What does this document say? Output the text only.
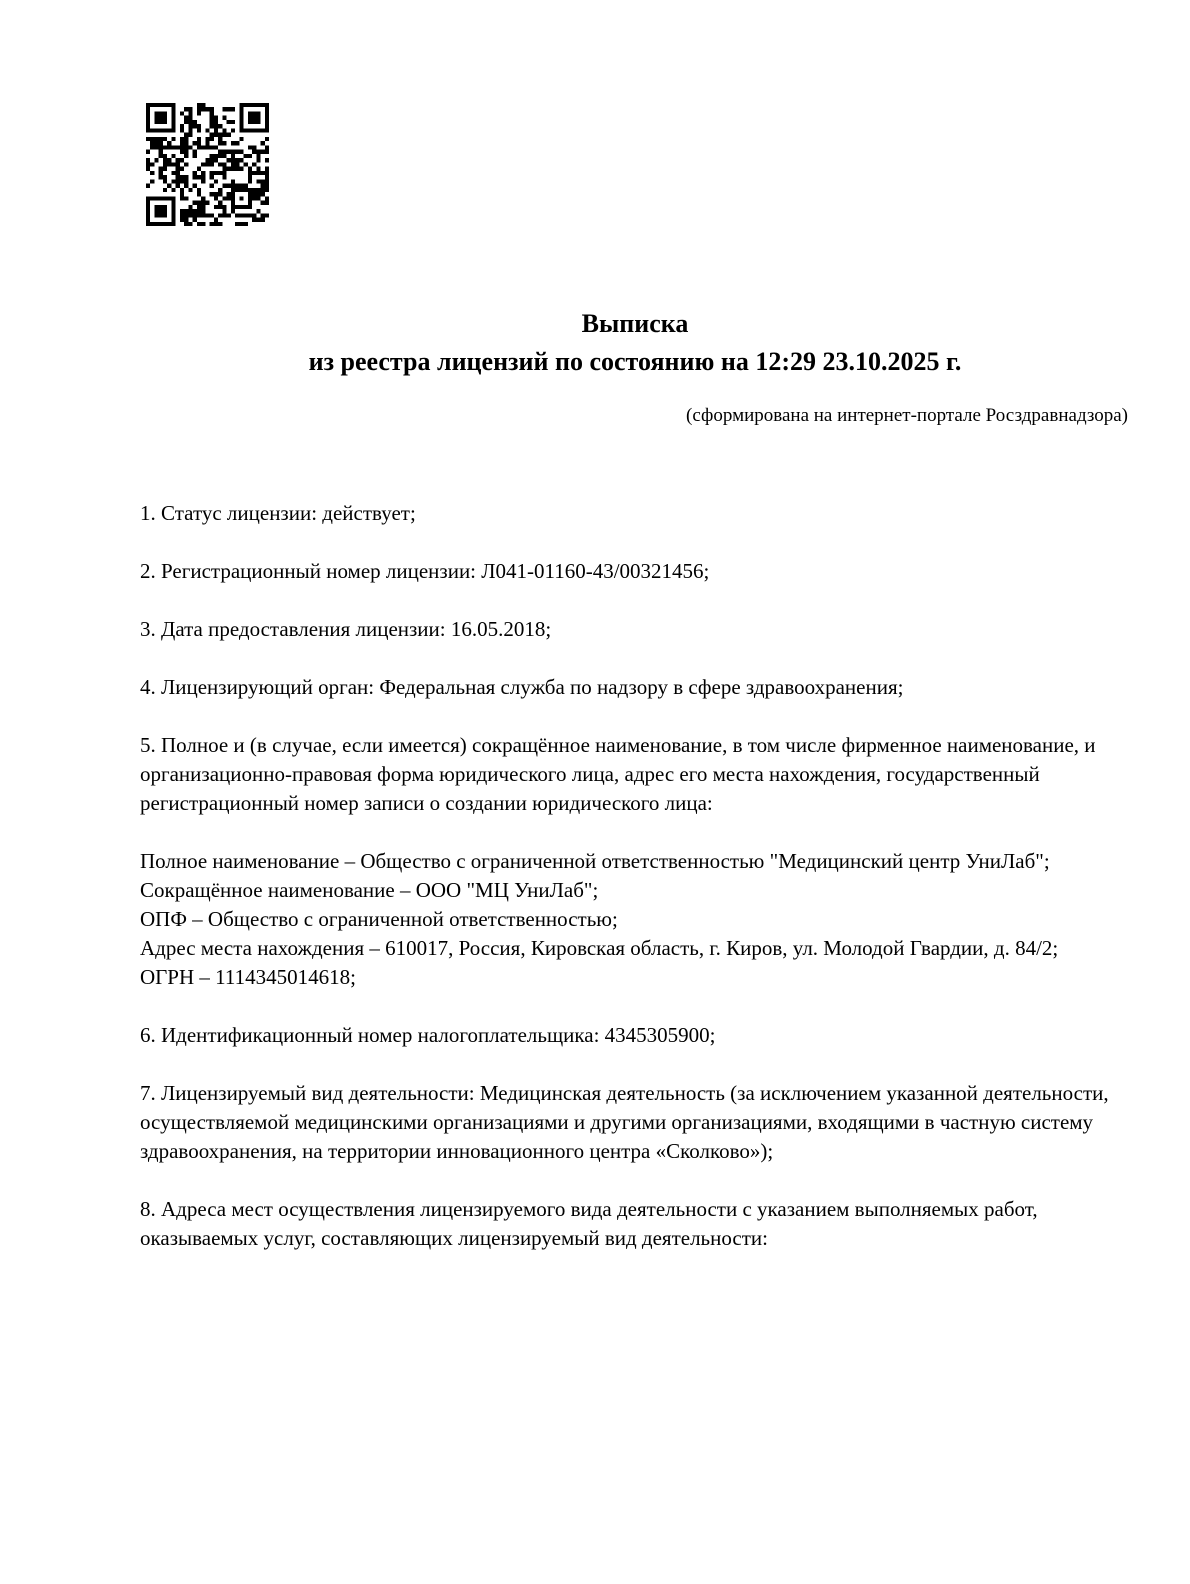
Выписка
из реестра лицензий по состоянию на 12:29 23.10.2025 г.
(сформирована на интернет-портале Росздравнадзора)

1. Статус лицензии: действует;

2. Регистрационный номер лицензии: Л041-01160-43/00321456;

3. Дата предоставления лицензии: 16.05.2018;

4. Лицензирующий орган: Федеральная служба по надзору в сфере здравоохранения;

5. Полное и (в случае, если имеется) сокращённое наименование, в том числе фирменное наименование, и организационно-правовая форма юридического лица, адрес его места нахождения, государственный регистрационный номер записи о создании юридического лица:

Полное наименование – Общество с ограниченной ответственностью "Медицинский центр УниЛаб";
Сокращённое наименование – ООО "МЦ УниЛаб";
ОПФ – Общество с ограниченной ответственностью;
Адрес места нахождения – 610017, Россия, Кировская область, г. Киров, ул. Молодой Гвардии, д. 84/2;
ОГРН – 1114345014618;

6. Идентификационный номер налогоплательщика: 4345305900;

7. Лицензируемый вид деятельности: Медицинская деятельность (за исключением указанной деятельности, осуществляемой медицинскими организациями и другими организациями, входящими в частную систему здравоохранения, на территории инновационного центра «Сколково»);

8. Адреса мест осуществления лицензируемого вида деятельности с указанием выполняемых работ, оказываемых услуг, составляющих лицензируемый вид деятельности:
